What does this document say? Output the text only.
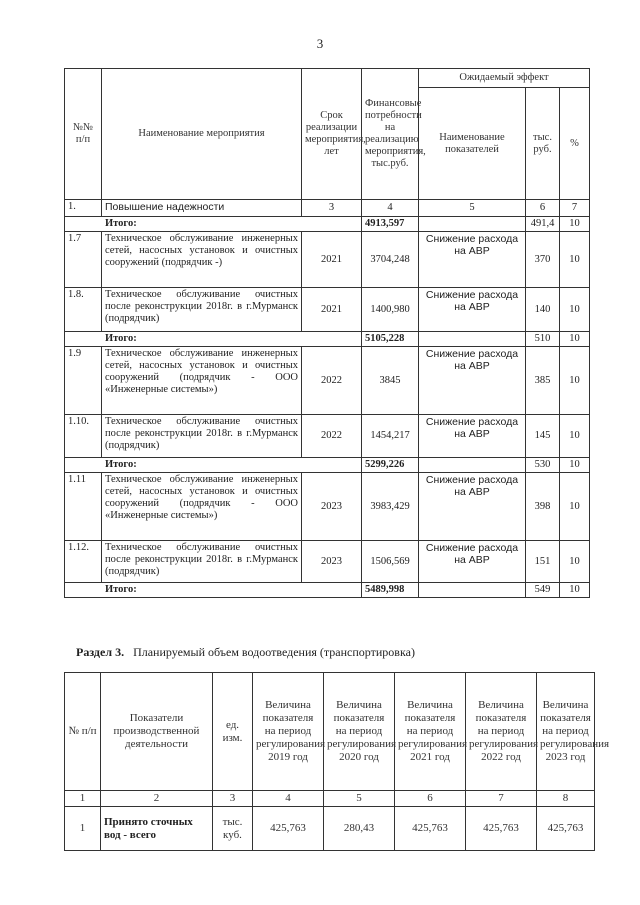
3
№№ п/п	Наименование мероприятия	Срок реализации мероприятия, лет	Финансовые потребности на реализацию мероприятия, тыс.руб.	Ожидаемый эффект		
				Наименование показателей	тыс. руб.	%
1.	Повышение надежности	3	4	5	6	7
Итого:			4913,597		491,4	10
1.7	Техническое обслуживание инженерных сетей, насосных установок и очистных сооружений (подрядчик -)	2021	3704,248	Снижение расхода на АВР	370	10
1.8.	Техническое обслуживание очистных после реконструкции 2018г. в г.Мурманск (подрядчик)	2021	1400,980	Снижение расхода на АВР	140	10
Итого:			5105,228		510	10
1.9	Техническое обслуживание инженерных сетей, насосных установок и очистных сооружений (подрядчик - ООО «Инженерные системы»)	2022	3845	Снижение расхода на АВР	385	10
1.10.	Техническое обслуживание очистных после реконструкции 2018г. в г.Мурманск (подрядчик)	2022	1454,217	Снижение расхода на АВР	145	10
Итого:			5299,226		530	10
1.11	Техническое обслуживание инженерных сетей, насосных установок и очистных сооружений (подрядчик - ООО «Инженерные системы»)	2023	3983,429	Снижение расхода на АВР	398	10
1.12.	Техническое обслуживание очистных после реконструкции 2018г. в г.Мурманск (подрядчик)	2023	1506,569	Снижение расхода на АВР	151	10
Итого:			5489,998		549	10
Раздел 3. Планируемый объем водоотведения (транспортировка)
№ п/п	Показатели производственной деятельности	ед. изм.	Величина показателя на период регулирования 2019 год	Величина показателя на период регулирования 2020 год	Величина показателя на период регулирования 2021 год	Величина показателя на период регулирования 2022 год	Величина показателя на период регулирования 2023 год
1	2	3	4	5	6	7	8
1	Принято сточных вод - всего	тыс. куб.	425,763	280,43	425,763	425,763	425,763
